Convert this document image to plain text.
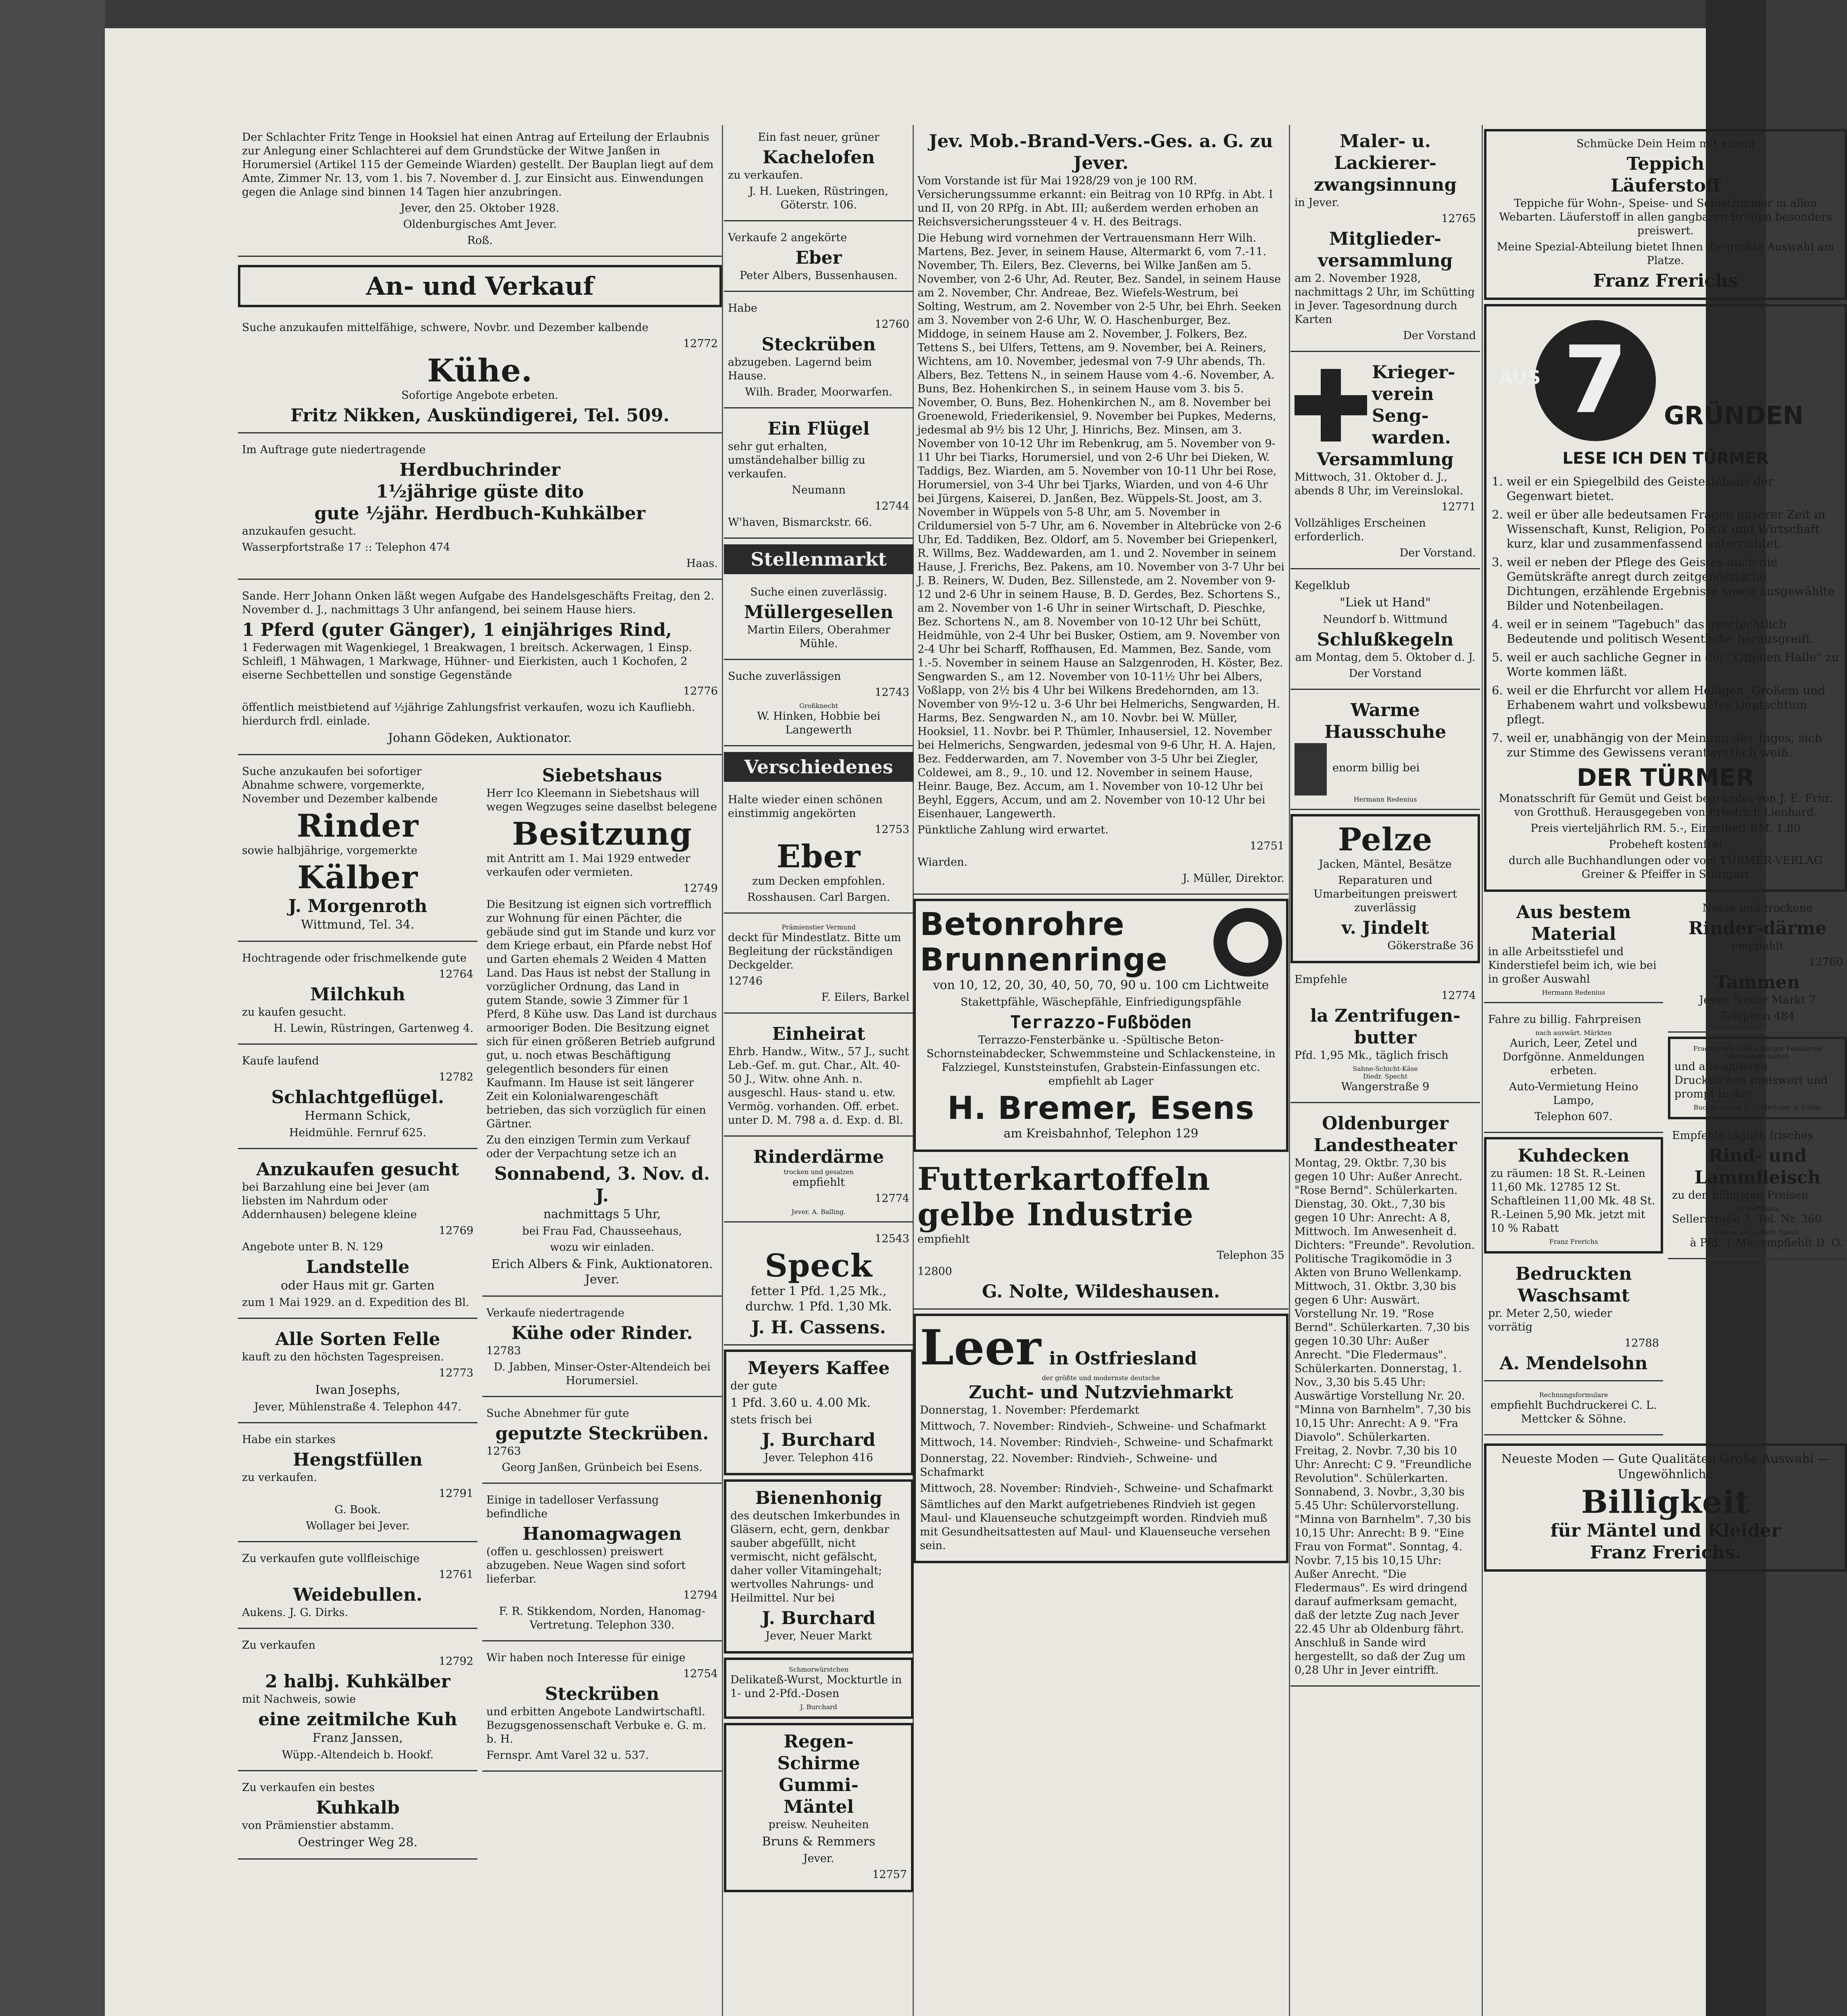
Der Schlachter Fritz Tenge in Hooksiel hat einen Antrag auf Erteilung der Erlaubnis zur Anlegung einer Schlachterei auf dem Grundstücke der Witwe Janßen in Horumersiel (Artikel 115 der Gemeinde Wiarden) gestellt. Der Bauplan liegt auf dem Amte, Zimmer Nr. 13, vom 1. bis 7. November d. J. zur Einsicht aus. Einwendungen gegen die Anlage sind binnen 14 Tagen hier anzubringen.

Jever, den 25. Oktober 1928.

Oldenburgisches Amt Jever.

Roß.

An- und Verkauf

Suche anzukaufen mittelfähige, schwere, Novbr. und Dezember kalbende

12772

Kühe.

Sofortige Angebote erbeten.

Fritz Nikken, Auskündigerei, Tel. 509.

Im Auftrage gute niedertragende

Herdbuchrinder
1½jährige güste dito
gute ½jähr. Herdbuch-Kuhkälber

anzukaufen gesucht.

Wasserpfortstraße 17 :: Telephon 474

Haas.

Sande. Herr Johann Onken läßt wegen Aufgabe des Handelsgeschäfts Freitag, den 2. November d. J., nachmittags 3 Uhr anfangend, bei seinem Hause hiers.

1 Pferd (guter Gänger), 1 einjähriges Rind,

1 Federwagen mit Wagenkiegel, 1 Breakwagen, 1 breitsch. Ackerwagen, 1 Einsp. Schleifl, 1 Mähwagen, 1 Markwage, Hühner- und Eierkisten, auch 1 Kochofen, 2 eiserne Sechbettellen und sonstige Gegenstände

12776

öffentlich meistbietend auf ½jährige Zahlungsfrist verkaufen, wozu ich Kaufliebh. hierdurch frdl. einlade.

Johann Gödeken, Auktionator.

Suche anzukaufen bei sofortiger Abnahme schwere, vorgemerkte, November und Dezember kalbende

Rinder

sowie halbjährige, vorgemerkte

Kälber
J. Morgenroth

Wittmund, Tel. 34.

Hochtragende oder frischmelkende gute

12764

Milchkuh

zu kaufen gesucht.

H. Lewin, Rüstringen, Gartenweg 4.

Kaufe laufend

12782

Schlachtgeflügel.

Hermann Schick,

Heidmühle. Fernruf 625.

Anzukaufen gesucht

bei Barzahlung eine bei Jever (am liebsten im Nahrdum oder Addernhausen) belegene kleine

12769

Angebote unter B. N. 129

Landstelle

oder Haus mit gr. Garten

zum 1 Mai 1929. an d. Expedition des Bl.

Alle Sorten Felle

kauft zu den höchsten Tagespreisen.

12773

Iwan Josephs,

Jever, Mühlenstraße 4. Telephon 447.

Habe ein starkes

Hengstfüllen

zu verkaufen.

12791

G. Book.

Wollager bei Jever.

Zu verkaufen gute vollfleischige

12761

Weidebullen.

Aukens. J. G. Dirks.

Zu verkaufen

12792

2 halbj. Kuhkälber

mit Nachweis, sowie

eine zeitmilche Kuh

Franz Janssen,

Wüpp.-Altendeich b. Hookf.

Zu verkaufen ein bestes

Kuhkalb

von Prämienstier abstamm.

Oestringer Weg 28.

Siebetshaus

Herr Ico Kleemann in Siebetshaus will wegen Wegzuges seine daselbst belegene

Besitzung

mit Antritt am 1. Mai 1929 entweder verkaufen oder vermieten.

12749

Die Besitzung ist eignen sich vortrefflich zur Wohnung für einen Pächter, die gebäude sind gut im Stande und kurz vor dem Kriege erbaut, ein Pfarde nebst Hof und Garten ehemals 2 Weiden 4 Matten Land. Das Haus ist nebst der Stallung in vorzüglicher Ordnung, das Land in gutem Stande, sowie 3 Zimmer für 1 Pferd, 8 Kühe usw. Das Land ist durchaus armooriger Boden. Die Besitzung eignet sich für einen größeren Betrieb aufgrund gut, u. noch etwas Beschäftigung gelegentlich besonders für einen Kaufmann. Im Hause ist seit längerer Zeit ein Kolonialwarengeschäft betrieben, das sich vorzüglich für einen Gärtner.

Zu den einzigen Termin zum Verkauf oder der Verpachtung setze ich an

Sonnabend, 3. Nov. d. J.

nachmittags 5 Uhr,

bei Frau Fad, Chausseehaus,

wozu wir einladen.

Erich Albers & Fink, Auktionatoren. Jever.

Verkaufe niedertragende

Kühe oder Rinder.

12783

D. Jabben, Minser-Oster-Altendeich bei Horumersiel.

Suche Abnehmer für gute

geputzte Steckrüben.

12763

Georg Janßen, Grünbeich bei Esens.

Einige in tadelloser Verfassung befindliche

Hanomagwagen

(offen u. geschlossen) preiswert abzugeben. Neue Wagen sind sofort lieferbar.

12794

F. R. Stikkendom, Norden, Hanomag-Vertretung. Telephon 330.

Wir haben noch Interesse für einige

12754

Steckrüben

und erbitten Angebote Landwirtschaftl. Bezugsgenossenschaft Verbuke e. G. m. b. H.

Fernspr. Amt Varel 32 u. 537.

Ein fast neuer, grüner

Kachelofen

zu verkaufen.

J. H. Lueken, Rüstringen, Göterstr. 106.

Verkaufe 2 angekörte

Eber

Peter Albers, Bussenhausen.

Habe

12760

Steckrüben

abzugeben. Lagernd beim Hause.

Wilh. Brader, Moorwarfen.

Ein Flügel

sehr gut erhalten, umständehalber billig zu verkaufen.

Neumann

12744

W'haven, Bismarckstr. 66.

Stellenmarkt

Suche einen zuverlässig.

Müllergesellen

Martin Eilers, Oberahmer Mühle.

Suche zuverlässigen

12743

Großknecht

W. Hinken, Hobbie bei Langewerth

Verschiedenes

Halte wieder einen schönen einstimmig angekörten

12753

Eber

zum Decken empfohlen.

Rosshausen. Carl Bargen.

Prämienstier Vermund

deckt für Mindestlatz. Bitte um Begleitung der rückständigen Deckgelder.

12746

F. Eilers, Barkel

Einheirat

Ehrb. Handw., Witw., 57 J., sucht Leb.-Gef. m. gut. Char., Alt. 40-50 J., Witw. ohne Anh. n. ausgeschl. Haus- stand u. etw. Vermög. vorhanden. Off. erbet. unter D. M. 798 a. d. Exp. d. Bl.

Rinderdärme
trocken und gesalzen

empfiehlt

12774

Jever. A. Balling.

12543

Speck

fetter 1 Pfd. 1,25 Mk., durchw. 1 Pfd. 1,30 Mk.

J. H. Cassens.
Meyers Kaffee

der gute

1 Pfd. 3.60 u. 4.00 Mk.

stets frisch bei

J. Burchard

Jever. Telephon 416

Bienenhonig

des deutschen Imkerbundes in Gläsern, echt, gern, denkbar sauber abgefüllt, nicht vermischt, nicht gefälscht, daher voller Vitamingehalt; wertvolles Nahrungs- und Heilmittel. Nur bei

J. Burchard

Jever, Neuer Markt

Schmorwürstchen

Delikateß-Wurst, Mockturtle in 1- und 2-Pfd.-Dosen

J. Burchard
Regen-
Schirme
Gummi-
Mäntel

preisw. Neuheiten

Bruns & Remmers

Jever.

12757

Jev. Mob.-Brand-Vers.-Ges. a. G. zu Jever.

Vom Vorstande ist für Mai 1928/29 von je 100 RM. Versicherungssumme erkannt: ein Beitrag von 10 RPfg. in Abt. I und II, von 20 RPfg. in Abt. III; außerdem werden erhoben an Reichsversicherungssteuer 4 v. H. des Beitrags.

Die Hebung wird vornehmen der Vertrauensmann Herr Wilh. Martens, Bez. Jever, in seinem Hause, Altermarkt 6, vom 7.-11. November, Th. Eilers, Bez. Cleverns, bei Wilke Janßen am 5. November, von 2-6 Uhr, Ad. Reuter, Bez. Sandel, in seinem Hause am 2. November, Chr. Andreae, Bez. Wiefels-Westrum, bei Solting, Westrum, am 2. November von 2-5 Uhr, bei Ehrh. Seeken am 3. November von 2-6 Uhr, W. O. Haschenburger, Bez. Middoge, in seinem Hause am 2. November, J. Folkers, Bez. Tettens S., bei Ulfers, Tettens, am 9. November, bei A. Reiners, Wichtens, am 10. November, jedesmal von 7-9 Uhr abends, Th. Albers, Bez. Tettens N., in seinem Hause vom 4.-6. November, A. Buns, Bez. Hohenkirchen S., in seinem Hause vom 3. bis 5. November, O. Buns, Bez. Hohenkirchen N., am 8. November bei Groenewold, Friederikensiel, 9. November bei Pupkes, Mederns, jedesmal ab 9½ bis 12 Uhr, J. Hinrichs, Bez. Minsen, am 3. November von 10-12 Uhr im Rebenkrug, am 5. November von 9-11 Uhr bei Tiarks, Horumersiel, und von 2-6 Uhr bei Dieken, W. Taddigs, Bez. Wiarden, am 5. November von 10-11 Uhr bei Rose, Horumersiel, von 3-4 Uhr bei Tjarks, Wiarden, und von 4-6 Uhr bei Jürgens, Kaiserei, D. Janßen, Bez. Wüppels-St. Joost, am 3. November in Wüppels von 5-8 Uhr, am 5. November in Crildumersiel von 5-7 Uhr, am 6. November in Altebrücke von 2-6 Uhr, Ed. Taddiken, Bez. Oldorf, am 5. November bei Griepenkerl, R. Willms, Bez. Waddewarden, am 1. und 2. November in seinem Hause, J. Frerichs, Bez. Pakens, am 10. November von 3-7 Uhr bei J. B. Reiners, W. Duden, Bez. Sillenstede, am 2. November von 9-12 und 2-6 Uhr in seinem Hause, B. D. Gerdes, Bez. Schortens S., am 2. November von 1-6 Uhr in seiner Wirtschaft, D. Pieschke, Bez. Schortens N., am 8. November von 10-12 Uhr bei Schütt, Heidmühle, von 2-4 Uhr bei Busker, Ostiem, am 9. November von 2-4 Uhr bei Scharff, Roffhausen, Ed. Mammen, Bez. Sande, vom 1.-5. November in seinem Hause an Salzgenroden, H. Köster, Bez. Sengwarden S., am 12. November von 10-11½ Uhr bei Albers, Voßlapp, von 2½ bis 4 Uhr bei Wilkens Bredehornden, am 13. November von 9½-12 u. 3-6 Uhr bei Helmerichs, Sengwarden, H. Harms, Bez. Sengwarden N., am 10. Novbr. bei W. Müller, Hooksiel, 11. Novbr. bei P. Thümler, Inhausersiel, 12. November bei Helmerichs, Sengwarden, jedesmal von 9-6 Uhr, H. A. Hajen, Bez. Fedderwarden, am 7. November von 3-5 Uhr bei Ziegler, Coldewei, am 8., 9., 10. und 12. November in seinem Hause, Heinr. Bauge, Bez. Accum, am 1. November von 10-12 Uhr bei Beyhl, Eggers, Accum, und am 2. November von 10-12 Uhr bei Eisenhauer, Langewerth.

Pünktliche Zahlung wird erwartet.

12751

Wiarden.

J. Müller, Direktor.

Betonrohre
Brunnenringe

von 10, 12, 20, 30, 40, 50, 70, 90 u. 100 cm Lichtweite

Stakettpfähle, Wäschepfähle, Einfriedigungspfähle

Terrazzo-Fußböden

Terrazzo-Fensterbänke u. -Spültische Beton-Schornsteinabdecker, Schwemmsteine und Schlackensteine, in Falzziegel, Kunststeinstufen, Grabstein-Einfassungen etc. empfiehlt ab Lager

H. Bremer, Esens

am Kreisbahnhof, Telephon 129

Futterkartoffeln gelbe Industrie

empfiehlt

Telephon 35

12800

G. Nolte, Wildeshausen.
Leer in Ostfriesland
der größte und modernste deutsche
Zucht- und Nutzviehmarkt

Donnerstag, 1. November: Pferdemarkt

Mittwoch, 7. November: Rindvieh-, Schweine- und Schafmarkt

Mittwoch, 14. November: Rindvieh-, Schweine- und Schafmarkt

Donnerstag, 22. November: Rindvieh-, Schweine- und Schafmarkt

Mittwoch, 28. November: Rindvieh-, Schweine- und Schafmarkt

Sämtliches auf den Markt aufgetriebenes Rindvieh ist gegen Maul- und Klauenseuche schutzgeimpft worden. Rindvieh muß mit Gesundheitsattesten auf Maul- und Klauenseuche versehen sein.

Maler- u. Lackierer-zwangsinnung

in Jever.

12765

Mitglieder-versammlung

am 2. November 1928, nachmittags 2 Uhr, im Schütting in Jever. Tagesordnung durch Karten

Der Vorstand

Krieger-verein Seng-warden.
Versammlung

Mittwoch, 31. Oktober d. J., abends 8 Uhr, im Vereinslokal.

12771

Vollzähliges Erscheinen erforderlich.

Der Vorstand.

Kegelklub

"Liek ut Hand"

Neundorf b. Wittmund

Schlußkegeln

am Montag, dem 5. Oktober d. J.

Der Vorstand

Warme Hausschuhe

enorm billig bei

Hermann Redenius
Pelze

Jacken, Mäntel, Besätze

Reparaturen und Umarbeitungen preiswert zuverlässig

v. Jindelt

Gökerstraße 36

Empfehle

12774

la Zentrifugen-butter

Pfd. 1,95 Mk., täglich frisch

Sahne-Schicht-Käse
Diedr. Specht

Wangerstraße 9

Oldenburger Landestheater

Montag, 29. Oktbr. 7,30 bis gegen 10 Uhr: Außer Anrecht. "Rose Bernd". Schülerkarten. Dienstag, 30. Okt., 7,30 bis gegen 10 Uhr: Anrecht: A 8, Mittwoch. Im Anwesenheit d. Dichters: "Freunde". Revolution. Politische Tragikomödie in 3 Akten von Bruno Wellenkamp. Mittwoch, 31. Oktbr. 3,30 bis gegen 6 Uhr: Auswärt. Vorstellung Nr. 19. "Rose Bernd". Schülerkarten. 7,30 bis gegen 10.30 Uhr: Außer Anrecht. "Die Fledermaus". Schülerkarten. Donnerstag, 1. Nov., 3,30 bis 5.45 Uhr: Auswärtige Vorstellung Nr. 20. "Minna von Barnhelm". 7,30 bis 10,15 Uhr: Anrecht: A 9. "Fra Diavolo". Schülerkarten. Freitag, 2. Novbr. 7,30 bis 10 Uhr: Anrecht: C 9. "Freundliche Revolution". Schülerkarten. Sonnabend, 3. Novbr., 3,30 bis 5.45 Uhr: Schülervorstellung. "Minna von Barnhelm". 7,30 bis 10,15 Uhr: Anrecht: B 9. "Eine Frau von Format". Sonntag, 4. Novbr. 7,15 bis 10,15 Uhr: Außer Anrecht. "Die Fledermaus". Es wird dringend darauf aufmerksam gemacht, daß der letzte Zug nach Jever 22.45 Uhr ab Oldenburg fährt. Anschluß in Sande wird hergestellt, so daß der Zug um 0,28 Uhr in Jever eintrifft.

Schmücke Dein Heim mit einem

Teppich
Läuferstoff

Teppiche für Wohn-, Speise- und Schlafzimmer in allen Webarten. Läuferstoff in allen gangbaren Breiten besonders preiswert.

Meine Spezial-Abteilung bietet Ihnen die größte Auswahl am Platze.

Franz Frerichs
AUS 7	GRÜNDEN
LESE ICH DEN TÜRMER
1. weil er ein Spiegelbild des Geisteslebens der Gegenwart bietet.
2. weil er über alle bedeutsamen Fragen unserer Zeit in Wissenschaft, Kunst, Religion, Politik und Wirtschaft kurz, klar und zusammenfassend unterrichtet.
3. weil er neben der Pflege des Geistes auch die Gemütskräfte anregt durch zeitgenössische Dichtungen, erzählende Ergebnisse sowie ausgewählte Bilder und Notenbeilagen.
4. weil er in seinem "Tagebuch" das geschichtlich Bedeutende und politisch Wesentliche herausgreift.
5. weil er auch sachliche Gegner in der "Offenen Halle" zu Worte kommen läßt.
6. weil er die Ehrfurcht vor allem Heiligen, Großem und Erhabenem wahrt und volksbewußtes Deutschtum pflegt.
7. weil er, unabhängig von der Meinung des Tages, sich zur Stimme des Gewissens verantwortlich weiß.
DER TÜRMER

Monatsschrift für Gemüt und Geist begründet von J. E. Frhr. von Grotthuß. Herausgegeben von Friedrich Lienhard.

Preis vierteljährlich RM. 5.-, Einzelheft RM. 1,80

Probeheft kostenfrei

durch alle Buchhandlungen oder vom TÜRMER-VERLAG Greiner & Pfeiffer in Stuttgart

Aus bestem Material

in alle Arbeitsstiefel und Kinderstiefel beim ich, wie bei in großer Auswahl

Hermann Redenius

Fahre zu billig. Fahrpreisen

nach auswärt. Märkten

Aurich, Leer, Zetel und Dorfgönne. Anmeldungen erbeten.

Auto-Vermietung Heino Lampo,

Telephon 607.

Kuhdecken

zu räumen: 18 St. R.-Leinen 11,60 Mk. 12785 12 St. Schaftleinen 11,00 Mk. 48 St. R.-Leinen 5,90 Mk. jetzt mit 10 % Rabatt

Franz Frerichs
Bedruckten Waschsamt

pr. Meter 2,50, wieder vorrätig

12788

A. Mendelsohn
Rechnungsformulare

empfiehlt Buchdruckerei C. L. Mettcker & Söhne.

Nasse und trockene

Rinder-därme

empfiehlt

12760

Tammen

Jever, Neuer Markt 7

Telephon 484

Frachtbriefe Kolli-anhänger Postkarten Nachnahme-karten

und alle anderen Drucksachen preiswert und prompt in der

Buchdruckerei C. L. Mettcker & Söhne

Empfehle täglich frisches

Rind- und Lammfleisch

zu den billigsten Preisen

M. Hoffmann

Sellerstraße 7, Tel. Nr. 360

Fetten geräuchert. Speck

à Pfd. 1 Mk. empfiehlt D. O.

Neueste Moden — Gute Qualitäten Große Auswahl — Ungewöhnliche

Billigkeit
für Mäntel und Kleider
Franz Frerichs.
